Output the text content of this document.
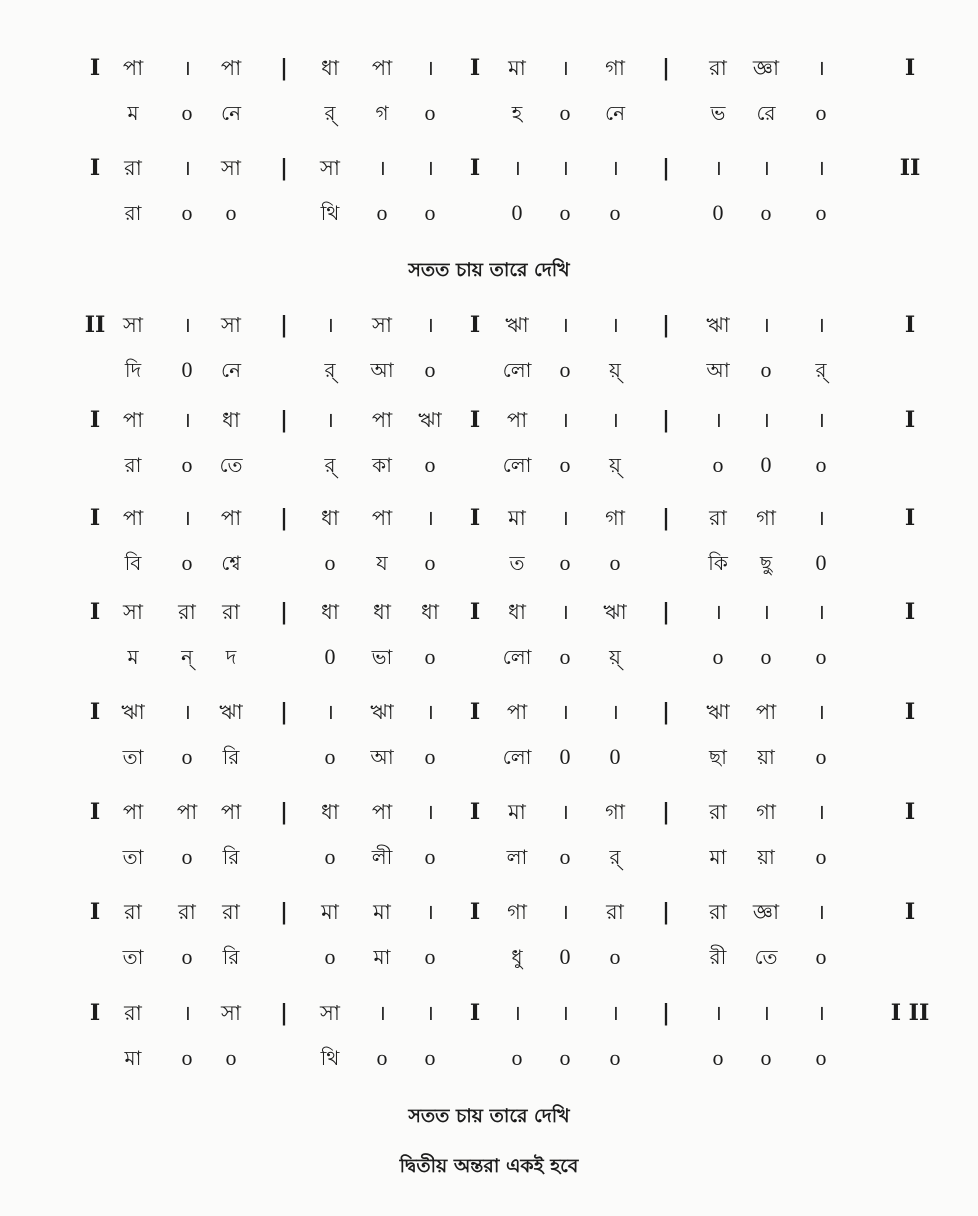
সতত চায় তারে দেখি
সতত চায় তারে দেখি
দ্বিতীয় অন্তরা একই হবে
I পা । পা | ধা পা । I মা । গা | রা জ্ঞা ।	I
ম o নে	র্ গ o	হ o নে	ভ রে o
I রা । সা | সা । । I । । । | । । ।	II
রা o o	থি o o	0 o o	0 o o
II সা । সা | । সা । I ঋা । । | ঋা । ।	I
দি 0 নে	র্ আ o	লো o য়্	আ o র্
I পা । ধা | । পা ঋা I পা । । | । । ।	I
রা o তে	র্ কা o	লো o য়্	o 0 o
I পা । পা | ধা পা । I মা । গা | রা গা ।	I
বি o শ্বে	o য o	ত o o	কি ছু 0
I সা রা রা | ধা ধা ধা I ধা । ঋা | । । ।	I
ম ন্ দ	0 ভা o	লো o য়্	o o o
I ঋা । ঋা | । ঋা । I পা । । | ঋা পা ।	I
তা o রি	o আ o	লো 0 0	ছা য়া o
I পা পা পা | ধা পা । I মা । গা | রা গা ।	I
তা o রি	o লী o	লা o র্	মা য়া o
I রা রা রা | মা মা । I গা । রা | রা জ্ঞা ।	I
তা o রি	o মা o	ধু 0 o	রী তে o
I রা । সা | সা । । I । । । | । । ।	I II
মা o o	থি o o	o o o	o o o
